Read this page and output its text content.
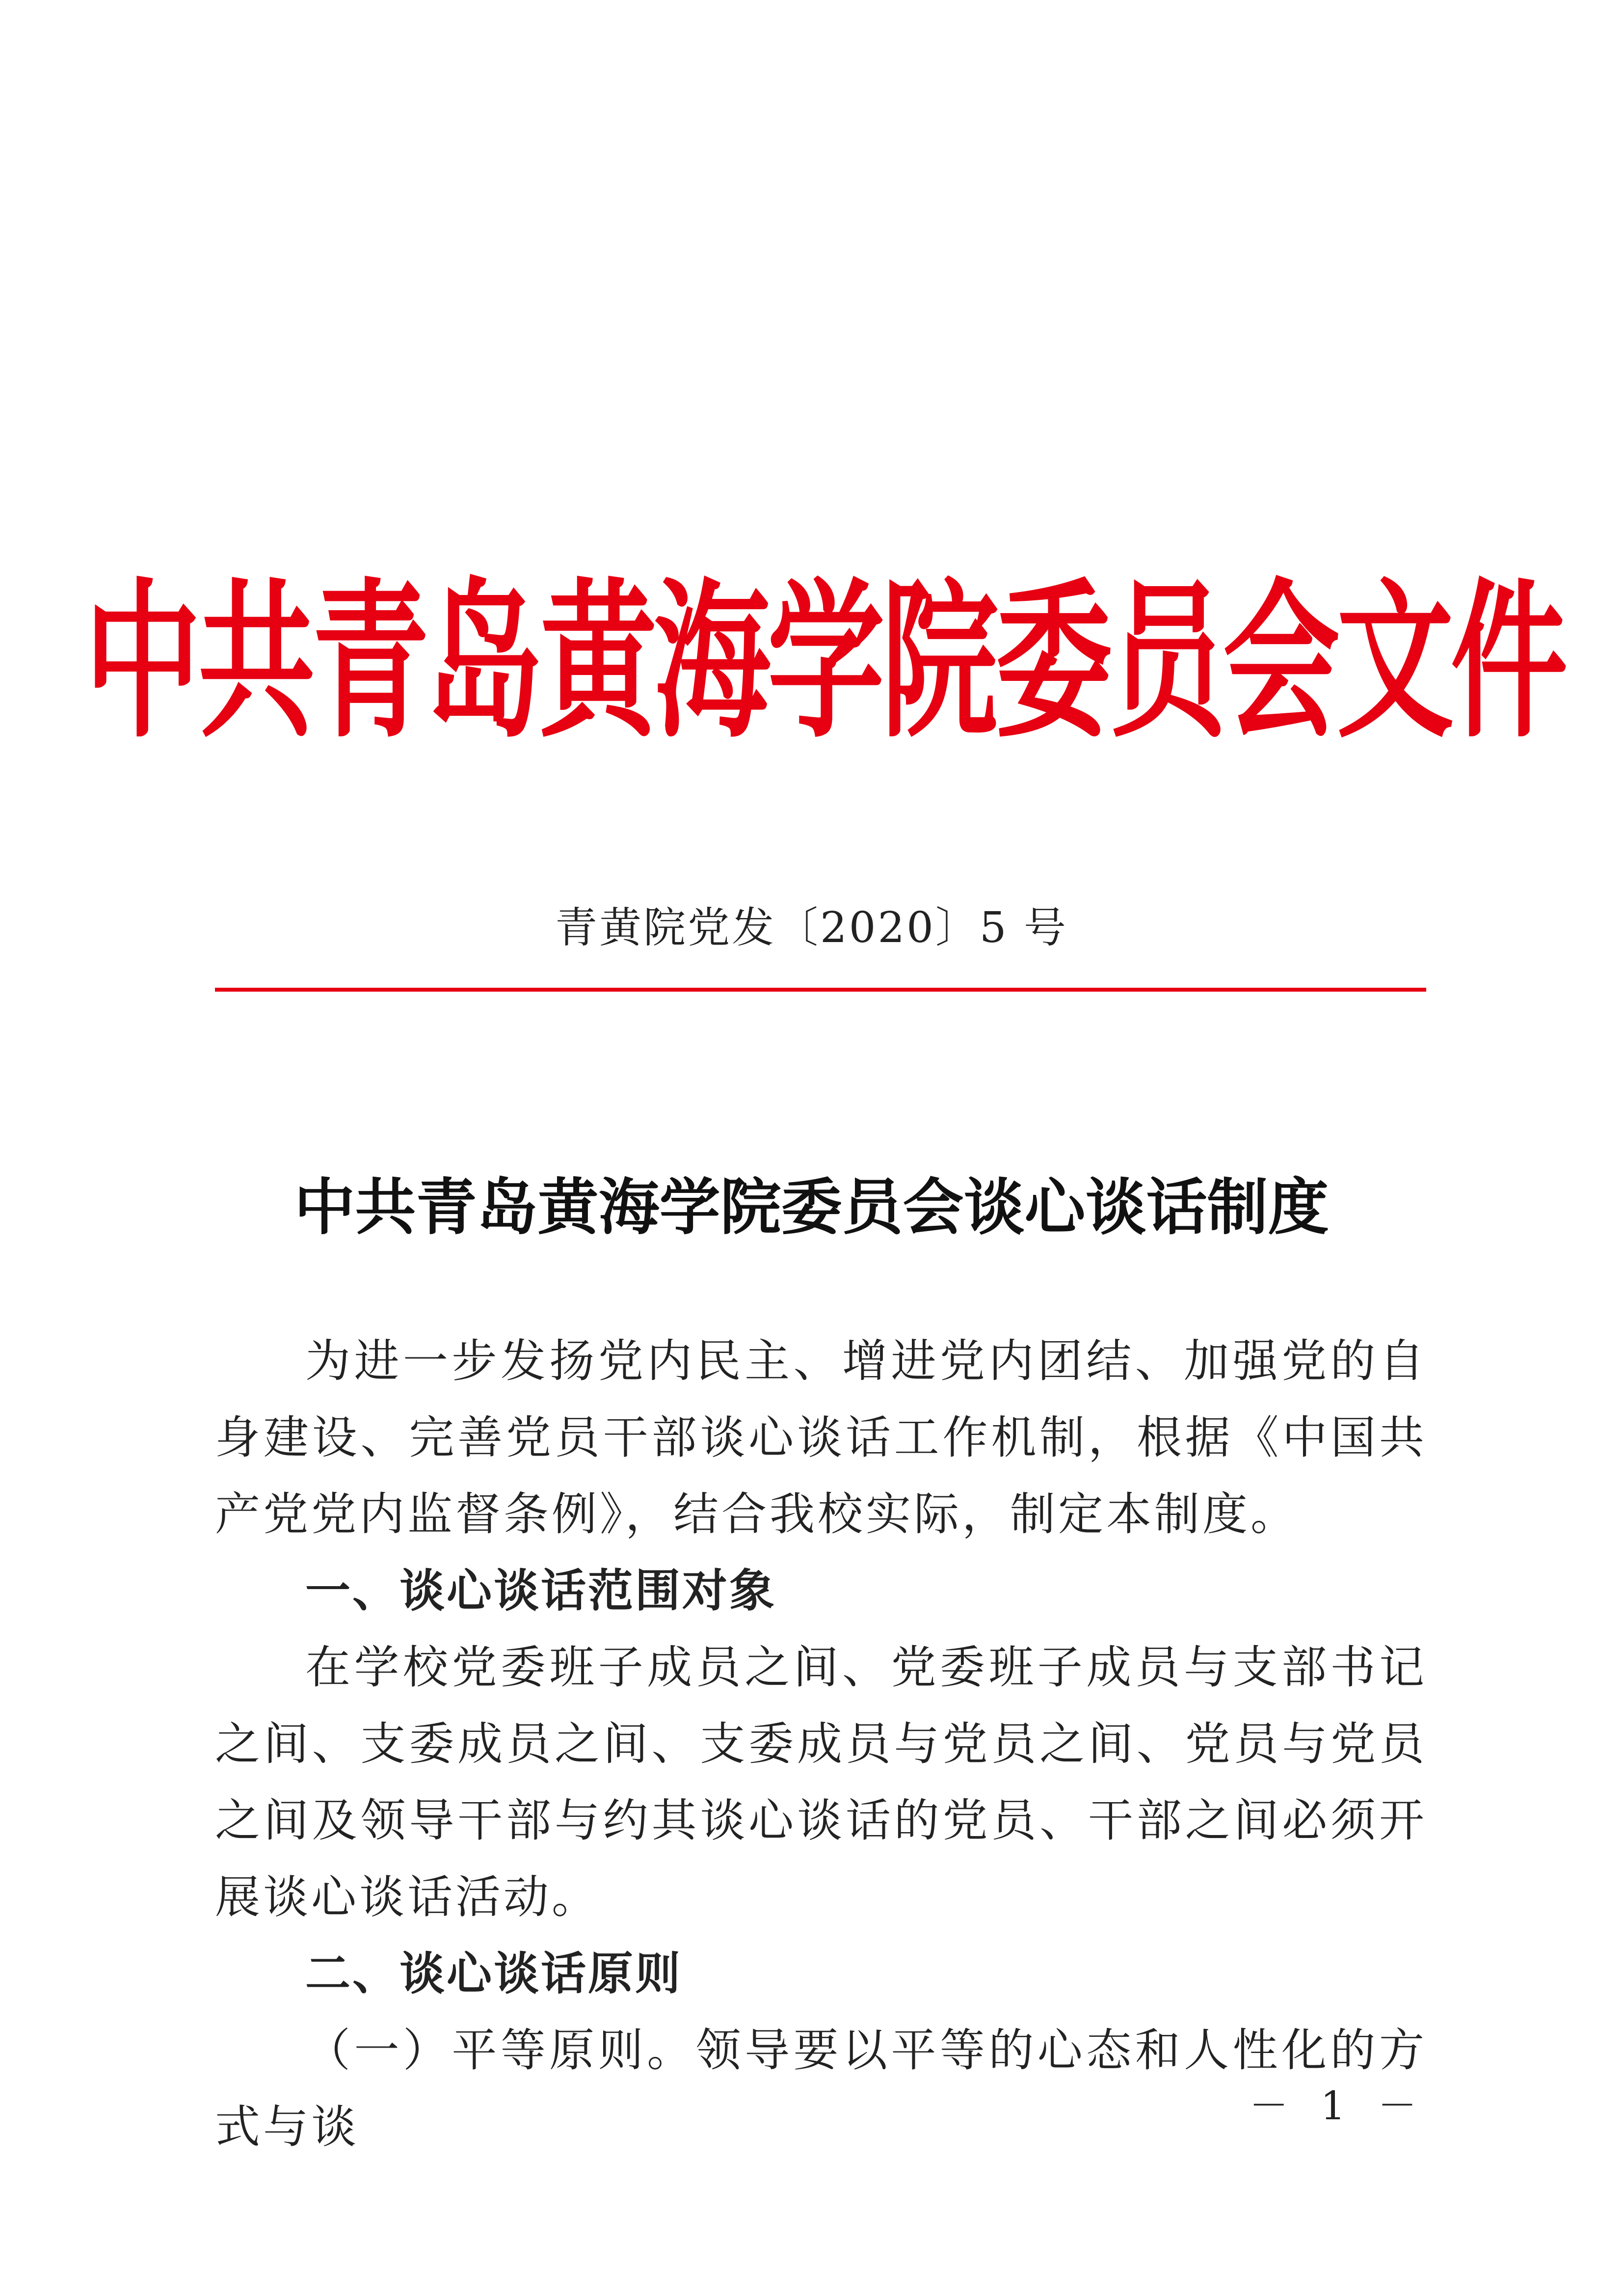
中共青岛黄海学院委员会文件
青黄院党发〔2020〕5 号
中共青岛黄海学院委员会谈心谈话制度

为进一步发扬党内民主、增进党内团结、加强党的自身建设、完善党员干部谈心谈话工作机制，根据《中国共产党党内监督条例》，结合我校实际，制定本制度。

一、谈心谈话范围对象

在学校党委班子成员之间、党委班子成员与支部书记之间、支委成员之间、支委成员与党员之间、党员与党员之间及领导干部与约其谈心谈话的党员、干部之间必须开展谈心谈话活动。

二、谈心谈话原则

（一）平等原则。领导要以平等的心态和人性化的方式与谈	－ 1 －
